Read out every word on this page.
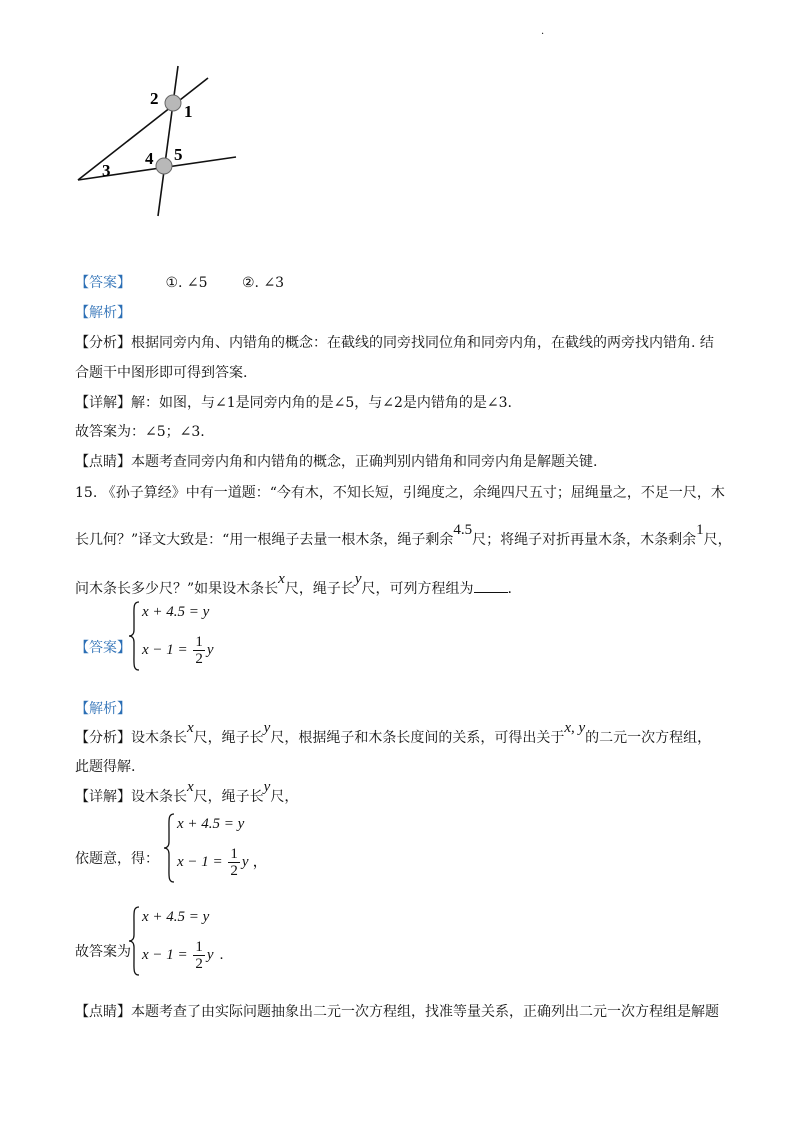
.
2
1
3
4 5
【答案】 ①. ∠5 ②. ∠3
【解析】
【分析】根据同旁内角、内错角的概念：在截线的同旁找同位角和同旁内角，在截线的两旁找内错角. 结
合题干中图形即可得到答案.
【详解】解：如图，与∠1是同旁内角的是∠5，与∠2是内错角的是∠3.
故答案为：∠5；∠3.
【点睛】本题考查同旁内角和内错角的概念，正确判别内错角和同旁内角是解题关键.
15. 《孙子算经》中有一道题：“今有木，不知长短，引绳度之，余绳四尺五寸；屈绳量之，不足一尺，木
长几何？”译文大致是：“用一根绳子去量一根木条，绳子剩余4.5尺；将绳子对折再量木条，木条剩余1尺，
问木条长多少尺？”如果设木条长x尺，绳子长y尺，可列方程组为 .
【答案】
x + 4.5 = y
$x - 1 = \frac{1}{2}$ y
【解析】
【分析】设木条长x尺，绳子长y尺，根据绳子和木条长度间的关系，可得出关于x, y的二元一次方程组，
此题得解.
【详解】设木条长x尺，绳子长y尺，
依题意，得：
x + 4.5 = y
$x - 1 = \frac{1}{2}$ y ，
故答案为
x + 4.5 = y
$x - 1 = \frac{1}{2}$ y .
【点睛】本题考查了由实际问题抽象出二元一次方程组，找准等量关系，正确列出二元一次方程组是解题
